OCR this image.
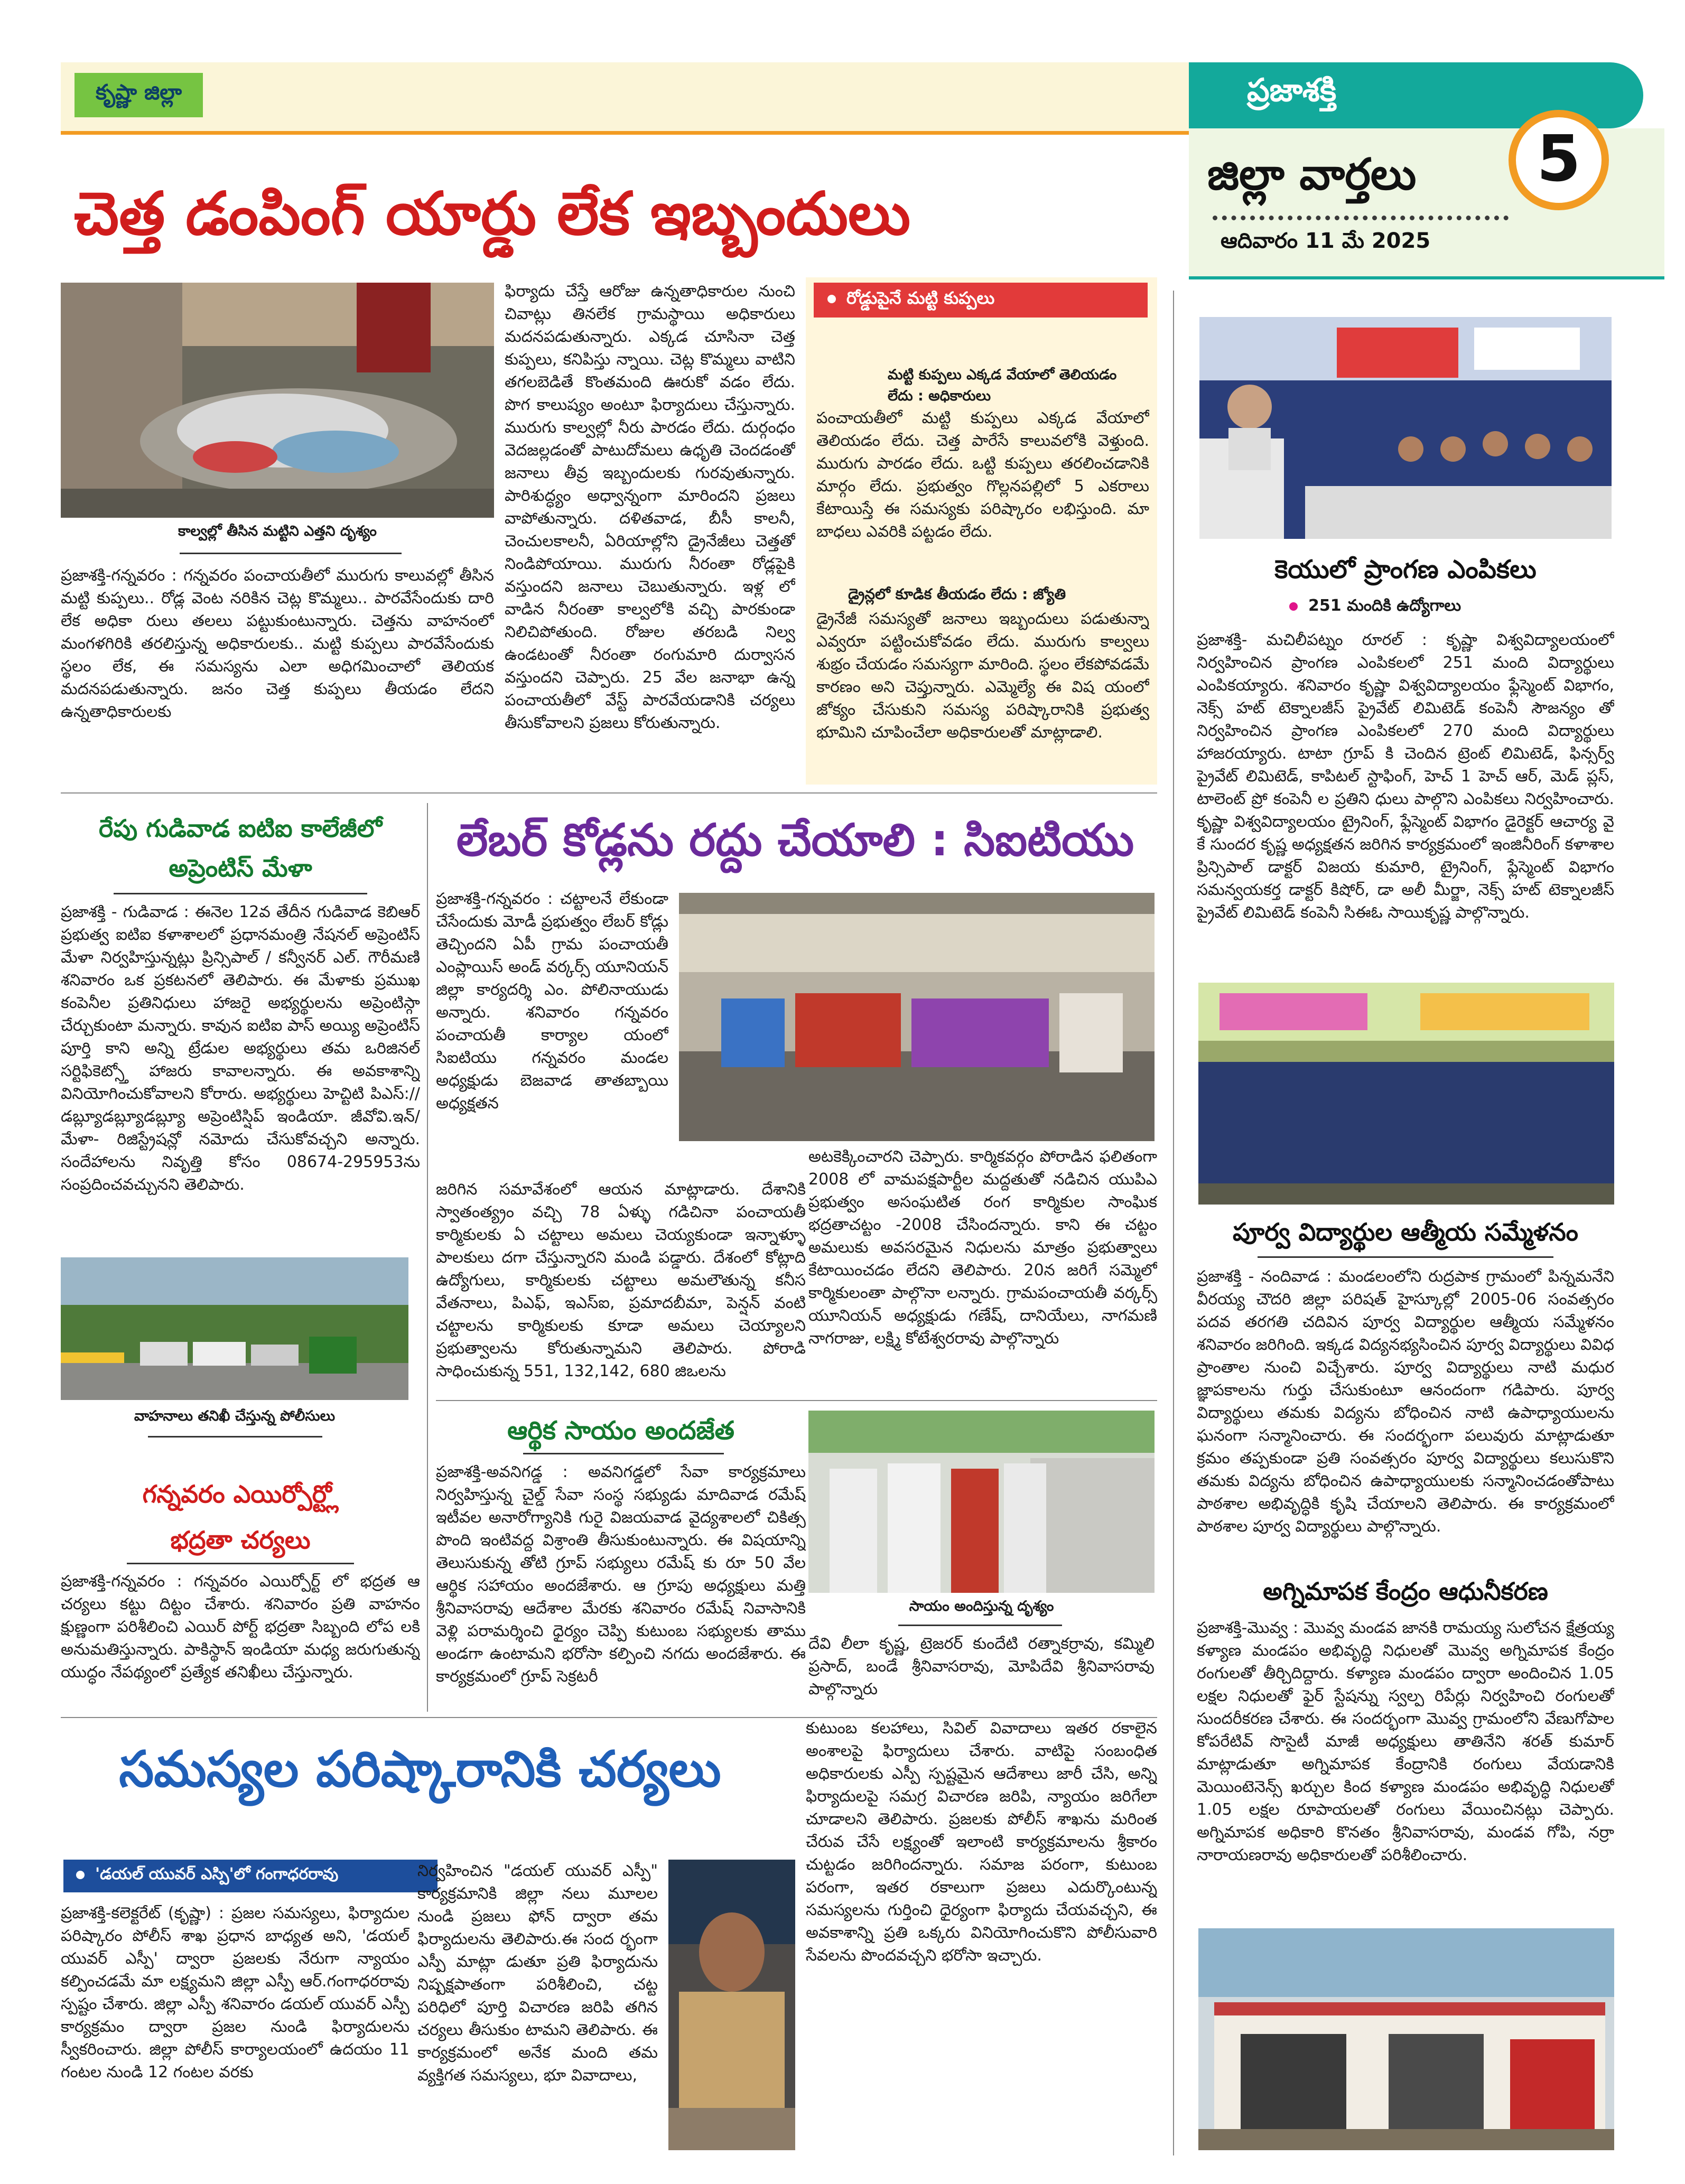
కృష్ణా జిల్లా	ప్రజాశక్తి
జిల్లా వార్తలు
ఆదివారం 11 మే 2025
5
చెత్త డంపింగ్ యార్డు లేక ఇబ్బందులు
కాల్వల్లో తీసిన మట్టిని ఎత్తని దృశ్యం

ప్రజాశక్తి-గన్నవరం : గన్నవరం పంచాయతీలో మురుగు కాలువల్లో తీసిన మట్టి కుప్పలు.. రోడ్ల వెంట నరికిన చెట్ల కొమ్మలు.. పారవేసేందుకు దారి లేక అధికా రులు తలలు పట్టుకుంటున్నారు. చెత్తను వాహనంలో మంగళగిరికి తరలిస్తున్న అధికారులకు.. మట్టి కుప్పలు పారవేసేందుకు స్థలం లేక, ఈ సమస్యను ఎలా అధిగమించాలో తెలియక మదనపడుతున్నారు. జనం చెత్త కుప్పలు తీయడం లేదని ఉన్నతాధికారులకు

ఫిర్యాదు చేస్తే ఆరోజు ఉన్నతాధికారుల నుంచి చివాట్లు తినలేక గ్రామస్థాయి అధికారులు మదనపడుతున్నారు. ఎక్కడ చూసినా చెత్త కుప్పలు, కనిపిస్తు న్నాయి. చెట్ల కొమ్మలు వాటిని తగలబెడితే కొంతమంది ఊరుకో వడం లేదు. పొగ కాలుష్యం అంటూ ఫిర్యాదులు చేస్తున్నారు. మురుగు కాల్వల్లో నీరు పారడం లేదు. దుర్గంధం వెదజల్లడంతో పాటుదోమలు ఉధృతి చెందడంతో జనాలు తీవ్ర ఇబ్బందులకు గురవుతున్నారు. పారిశుద్ధ్యం అధ్వాన్నంగా మారిందని ప్రజలు వాపోతున్నారు. దళితవాడ, బీసీ కాలనీ, చెంచులకాలనీ, ఏరియాల్లోని డ్రైనేజీలు చెత్తతో నిండిపోయాయి. మురుగు నీరంతా రోడ్లపైకి వస్తుందని జనాలు చెబుతున్నారు. ఇళ్ల లో వాడిన నీరంతా కాల్వలోకి వచ్చి పారకుండా నిలిచిపోతుంది. రోజుల తరబడి నిల్వ ఉండటంతో నీరంతా రంగుమారి దుర్వాసన వస్తుందని చెప్పారు. 25 వేల జనాభా ఉన్న పంచాయతీలో వేస్ట్ పారవేయడానికి చర్యలు తీసుకోవాలని ప్రజలు కోరుతున్నారు.

రోడ్డుపైనే మట్టి కుప్పలు
మట్టి కుప్పలు ఎక్కడ వేయాలో తెలియడం లేదు : అధికారులు

పంచాయతీలో మట్టి కుప్పలు ఎక్కడ వేయాలో తెలియడం లేదు. చెత్త పారేసే కాలువలోకి వెళ్తుంది. మురుగు పారడం లేదు. ఒట్టి కుప్పలు తరలించడానికి మార్గం లేదు. ప్రభుత్వం గొల్లనపల్లిలో 5 ఎకరాలు కేటాయిస్తే ఈ సమస్యకు పరిష్కారం లభిస్తుంది. మా బాధలు ఎవరికి పట్టడం లేదు.

డ్రైన్లలో కూడిక తీయడం లేదు : జ్యోతి

డ్రైనేజీ సమస్యతో జనాలు ఇబ్బందులు పడుతున్నా ఎవ్వరూ పట్టించుకోవడం లేదు. మురుగు కాల్వలు శుభ్రం చేయడం సమస్యగా మారింది. స్థలం లేకపోవడమే కారణం అని చెప్తున్నారు. ఎమ్మెల్యే ఈ విష యంలో జోక్యం చేసుకుని సమస్య పరిష్కారానికి ప్రభుత్వ భూమిని చూపించేలా అధికారులతో మాట్లాడాలి.

కెయులో ప్రాంగణ ఎంపికలు
251 మందికి ఉద్యోగాలు

ప్రజాశక్తి- మచిలీపట్నం రూరల్ : కృష్ణా విశ్వవిద్యాలయంలో నిర్వహించిన ప్రాంగణ ఎంపికలలో 251 మంది విద్యార్థులు ఎంపికయ్యారు. శనివారం కృష్ణా విశ్వవిద్యాలయం ఫ్లేస్మెంట్ విభాగం, నెక్స్ హట్ టెక్నాలజీస్ ప్రైవేట్ లిమిటెడ్ కంపెనీ సౌజన్యం తో నిర్వహించిన ప్రాంగణ ఎంపికలలో 270 మంది విద్యార్థులు హాజరయ్యారు. టాటా గ్రూప్ కి చెందిన ట్రెంట్ లిమిటెడ్, ఫిన్సర్వ్ ప్రైవేట్ లిమిటెడ్, కాపిటల్ స్టాఫింగ్, హెచ్ 1 హెచ్ ఆర్, మెడ్ ప్లస్, టాలెంట్ ప్రో కంపెనీ ల ప్రతిని ధులు పాల్గొని ఎంపికలు నిర్వహించారు. కృష్ణా విశ్వవిద్యాలయం ట్రైనింగ్, ఫ్లేస్మెంట్ విభాగం డైరెక్టర్ ఆచార్య వై కే సుందర కృష్ణ అధ్యక్షతన జరిగిన కార్యక్రమంలో ఇంజినీరింగ్ కళాశాల ప్రిన్సిపాల్ డాక్టర్ విజయ కుమారి, ట్రైనింగ్, ఫ్లేస్మెంట్ విభాగం సమన్వయకర్త డాక్టర్ కిషోర్, డా అలీ మీర్జా, నెక్స్ హట్ టెక్నాలజీస్ ప్రైవేట్ లిమిటెడ్ కంపెనీ సిఈఓ సాయికృష్ణ పాల్గొన్నారు.

పూర్వ విద్యార్థుల ఆత్మీయ సమ్మేళనం

ప్రజాశక్తి - నందివాడ : మండలంలోని రుద్రపాక గ్రామంలో పిన్నమనేని వీరయ్య చౌదరి జిల్లా పరిషత్ హైస్కూల్లో 2005-06 సంవత్సరం పదవ తరగతి చదివిన పూర్వ విద్యార్థుల ఆత్మీయ సమ్మేళనం శనివారం జరిగింది. ఇక్కడ విద్యనభ్యసించిన పూర్వ విద్యార్థులు వివిధ ప్రాంతాల నుంచి విచ్చేశారు. పూర్వ విద్యార్థులు నాటి మధుర జ్ఞాపకాలను గుర్తు చేసుకుంటూ ఆనందంగా గడిపారు. పూర్వ విద్యార్థులు తమకు విద్యను బోధించిన నాటి ఉపాధ్యాయులను ఘనంగా సన్మానించారు. ఈ సందర్భంగా పలువురు మాట్లాడుతూ క్రమం తప్పకుండా ప్రతి సంవత్సరం పూర్వ విద్యార్థులు కలుసుకొని తమకు విద్యను బోధించిన ఉపాధ్యాయులకు సన్మానించడంతోపాటు పాఠశాల అభివృద్ధికి కృషి చేయాలని తెలిపారు. ఈ కార్యక్రమంలో పాఠశాల పూర్వ విద్యార్థులు పాల్గొన్నారు.

అగ్నిమాపక కేంద్రం ఆధునీకరణ

ప్రజాశక్తి-మొవ్వ : మొవ్వ మండవ జానకి రామయ్య సులోచన క్షేత్రయ్య కళ్యాణ మండపం అభివృద్ధి నిధులతో మొవ్వ అగ్నిమాపక కేంద్రం రంగులతో తీర్చిదిద్దారు. కళ్యాణ మండపం ద్వారా అందించిన 1.05 లక్షల నిధులతో ఫైర్ స్టేషన్ను స్వల్ప రిపేర్లు నిర్వహించి రంగులతో సుందరీకరణ చేశారు. ఈ సందర్భంగా మొవ్వ గ్రామంలోని వేణుగోపాల కోపరేటివ్ సొసైటీ మాజీ అధ్యక్షులు తాతినేని శరత్ కుమార్ మాట్లాడుతూ అగ్నిమాపక కేంద్రానికి రంగులు వేయడానికి మెయింటెనెన్స్ ఖర్చుల కింద కళ్యాణ మండపం అభివృద్ధి నిధులతో 1.05 లక్షల రూపాయలతో రంగులు వేయించినట్లు చెప్పారు. అగ్నిమాపక అధికారి కొనతం శ్రీనివాసరావు, మండవ గోపి, నర్రా నారాయణరావు అధికారులతో పరిశీలించారు.

రేపు గుడివాడ ఐటిఐ కాలేజీలో
అప్రెంటిస్ మేళా

ప్రజాశక్తి - గుడివాడ : ఈనెల 12వ తేదీన గుడివాడ కెబిఆర్ ప్రభుత్వ ఐటిఐ కళాశాలలో ప్రధానమంత్రి నేషనల్ అప్రెంటిస్ మేళా నిర్వహిస్తున్నట్లు ప్రిన్సిపాల్ / కన్వీనర్ ఎల్. గౌరీమణి శనివారం ఒక ప్రకటనలో తెలిపారు. ఈ మేళాకు ప్రముఖ కంపెనీల ప్రతినిధులు హాజరై అభ్యర్థులను అప్రెంటిస్గా చేర్చుకుంటా మన్నారు. కావున ఐటిఐ పాస్ అయ్యి అప్రెంటిస్ పూర్తి కాని అన్ని ట్రేడుల అభ్యర్థులు తమ ఒరిజినల్ సర్టిఫికెట్స్తో హాజరు కావాలన్నారు. ఈ అవకాశాన్ని వినియోగించుకోవాలని కోరారు. అభ్యర్థులు హెచ్టిటి పిఎస్:// డబ్ల్యూడబ్ల్యూడబ్ల్యూ అప్రెంటిస్షిప్ ఇండియా. జీవోవి.ఇన్/మేళా- రిజిస్ట్రేషన్లో నమోదు చేసుకోవచ్చని అన్నారు. సందేహాలను నివృత్తి కోసం 08674-295953ను సంప్రదించవచ్చునని తెలిపారు.

వాహనాలు తనిఖీ చేస్తున్న పోలీసులు
గన్నవరం ఎయిర్పోర్ట్లో
భద్రతా చర్యలు

ప్రజాశక్తి-గన్నవరం : గన్నవరం ఎయిర్పోర్ట్ లో భద్రత ఆ చర్యలు కట్టు దిట్టం చేశారు. శనివారం ప్రతి వాహనం క్షుణ్ణంగా పరిశీలించి ఎయిర్ పోర్ట్ భద్రతా సిబ్బంది లోప లకి అనుమతిస్తున్నారు. పాకిస్థాన్ ఇండియా మధ్య జరుగుతున్న యుద్ధం నేపథ్యంలో ప్రత్యేక తనిఖీలు చేస్తున్నారు.

లేబర్ కోడ్లను రద్దు చేయాలి : సిఐటియు

ప్రజాశక్తి-గన్నవరం : చట్టాలనే లేకుండా చేసేందుకు మోడీ ప్రభుత్వం లేబర్ కోడ్లు తెచ్చిందని ఏపీ గ్రామ పంచాయతీ ఎంప్లాయిస్ అండ్ వర్కర్స్ యూనియన్ జిల్లా కార్యదర్శి ఎం. పోలినాయుడు అన్నారు. శనివారం గన్నవరం పంచాయతీ కార్యాల యంలో సిఐటియు గన్నవరం మండల అధ్యక్షుడు బెజవాడ తాతబ్బాయి అధ్యక్షతన

జరిగిన సమావేశంలో ఆయన మాట్లాడారు. దేశానికి స్వాతంత్య్రం వచ్చి 78 ఏళ్ళు గడిచినా పంచాయతీ కార్మికులకు ఏ చట్టాలు అమలు చెయ్యకుండా ఇన్నాళ్ళూ పాలకులు దగా చేస్తున్నారని మండి పడ్డారు. దేశంలో కోట్లాది ఉద్యోగులు, కార్మికులకు చట్టాలు అమలౌతున్న కనీస వేతనాలు, పిఎఫ్, ఇఎస్ఐ, ప్రమాదబీమా, పెన్షన్ వంటి చట్టాలను కార్మికులకు కూడా అమలు చెయ్యాలని ప్రభుత్వాలను కోరుతున్నామని తెలిపారు. పోరాడి సాధించుకున్న 551, 132,142, 680 జిఒలను

అటకెక్కించారని చెప్పారు. కార్మికవర్గం పోరాడిన ఫలితంగా 2008 లో వామపక్షపార్టీల మద్దతుతో నడిచిన యుపిఎ ప్రభుత్వం అసంఘటిత రంగ కార్మికుల సాంఘిక భద్రతాచట్టం -2008 చేసిందన్నారు. కాని ఈ చట్టం అమలుకు అవసరమైన నిధులను మాత్రం ప్రభుత్వాలు కేటాయించడం లేదని తెలిపారు. 20న జరిగే సమ్మెలో కార్మికులంతా పాల్గొనా లన్నారు. గ్రామపంచాయతీ వర్కర్స్ యూనియన్ అధ్యక్షుడు గణేష్, దానియేలు, నాగమణి నాగరాజు, లక్ష్మి కోటేశ్వరరావు పాల్గొన్నారు

ఆర్థిక సాయం అందజేత

ప్రజాశక్తి-అవనిగడ్డ : అవనిగడ్డలో సేవా కార్యక్రమాలు నిర్వహిస్తున్న చైల్డ్ సేవా సంస్థ సభ్యుడు మాదివాడ రమేష్ ఇటీవల అనారోగ్యానికి గురై విజయవాడ వైద్యశాలలో చికిత్స పొంది ఇంటివద్ద విశ్రాంతి తీసుకుంటున్నారు. ఈ విషయాన్ని తెలుసుకున్న తోటి గ్రూప్ సభ్యులు రమేష్ కు రూ 50 వేల ఆర్థిక సహాయం అందజేశారు. ఆ గ్రూపు అధ్యక్షులు మత్తి శ్రీనివాసరావు ఆదేశాల మేరకు శనివారం రమేష్ నివాసానికి వెళ్లి పరామర్శించి ధైర్యం చెప్పి కుటుంబ సభ్యులకు తాము అండగా ఉంటామని భరోసా కల్పించి నగదు అందజేశారు. ఈ కార్యక్రమంలో గ్రూప్ సెక్రటరీ

సాయం అందిస్తున్న దృశ్యం

దేవి లీలా కృష్ణ, ట్రెజరర్ కుందేటి రత్నాకర్రావు, కమ్మిలి ప్రసాద్, బండే శ్రీనివాసరావు, మోపిదేవి శ్రీనివాసరావు పాల్గొన్నారు

సమస్యల పరిష్కారానికి చర్యలు
'డయల్ యువర్ ఎస్పి'లో గంగాధరరావు

ప్రజాశక్తి-కలెక్టరేట్ (కృష్ణా) : ప్రజల సమస్యలు, ఫిర్యాదుల పరిష్కారం పోలీస్ శాఖ ప్రధాన బాధ్యత అని, 'డయల్ యువర్ ఎస్పీ' ద్వారా ప్రజలకు నేరుగా న్యాయం కల్పించడమే మా లక్ష్యమని జిల్లా ఎస్పీ ఆర్.గంగాధరరావు స్పష్టం చేశారు. జిల్లా ఎస్పీ శనివారం డయల్ యువర్ ఎస్పీ కార్యక్రమం ద్వారా ప్రజల నుండి ఫిర్యాదులను స్వీకరించారు. జిల్లా పోలీస్ కార్యాలయంలో ఉదయం 11 గంటల నుండి 12 గంటల వరకు

నిర్వహించిన "డయల్ యువర్ ఎస్పీ" కార్యక్రమానికి జిల్లా నలు మూలల నుండి ప్రజలు ఫోన్ ద్వారా తమ ఫిర్యాదులను తెలిపారు.ఈ సంద ర్భంగా ఎస్పీ మాట్లా డుతూ ప్రతి ఫిర్యాదును నిష్పక్షపాతంగా పరిశీలించి, చట్ట పరిధిలో పూర్తి విచారణ జరిపి తగిన చర్యలు తీసుకుం టామని తెలిపారు. ఈ కార్యక్రమంలో అనేక మంది తమ వ్యక్తిగత సమస్యలు, భూ వివాదాలు,

కుటుంబ కలహాలు, సివిల్ వివాదాలు ఇతర రకాలైన అంశాలపై ఫిర్యాదులు చేశారు. వాటిపై సంబంధిత అధికారులకు ఎస్పీ స్పష్టమైన ఆదేశాలు జారీ చేసి, అన్ని ఫిర్యాదులపై సమగ్ర విచారణ జరిపి, న్యాయం జరిగేలా చూడాలని తెలిపారు. ప్రజలకు పోలీస్ శాఖను మరింత చేరువ చేసే లక్ష్యంతో ఇలాంటి కార్యక్రమాలను శ్రీకారం చుట్టడం జరిగిందన్నారు. సమాజ పరంగా, కుటుంబ పరంగా, ఇతర రకాలుగా ప్రజలు ఎదుర్కొంటున్న సమస్యలను గుర్తించి ధైర్యంగా ఫిర్యాదు చేయవచ్చని, ఈ అవకాశాన్ని ప్రతి ఒక్కరు వినియోగించుకొని పోలీసువారి సేవలను పొందవచ్చని భరోసా ఇచ్చారు.
